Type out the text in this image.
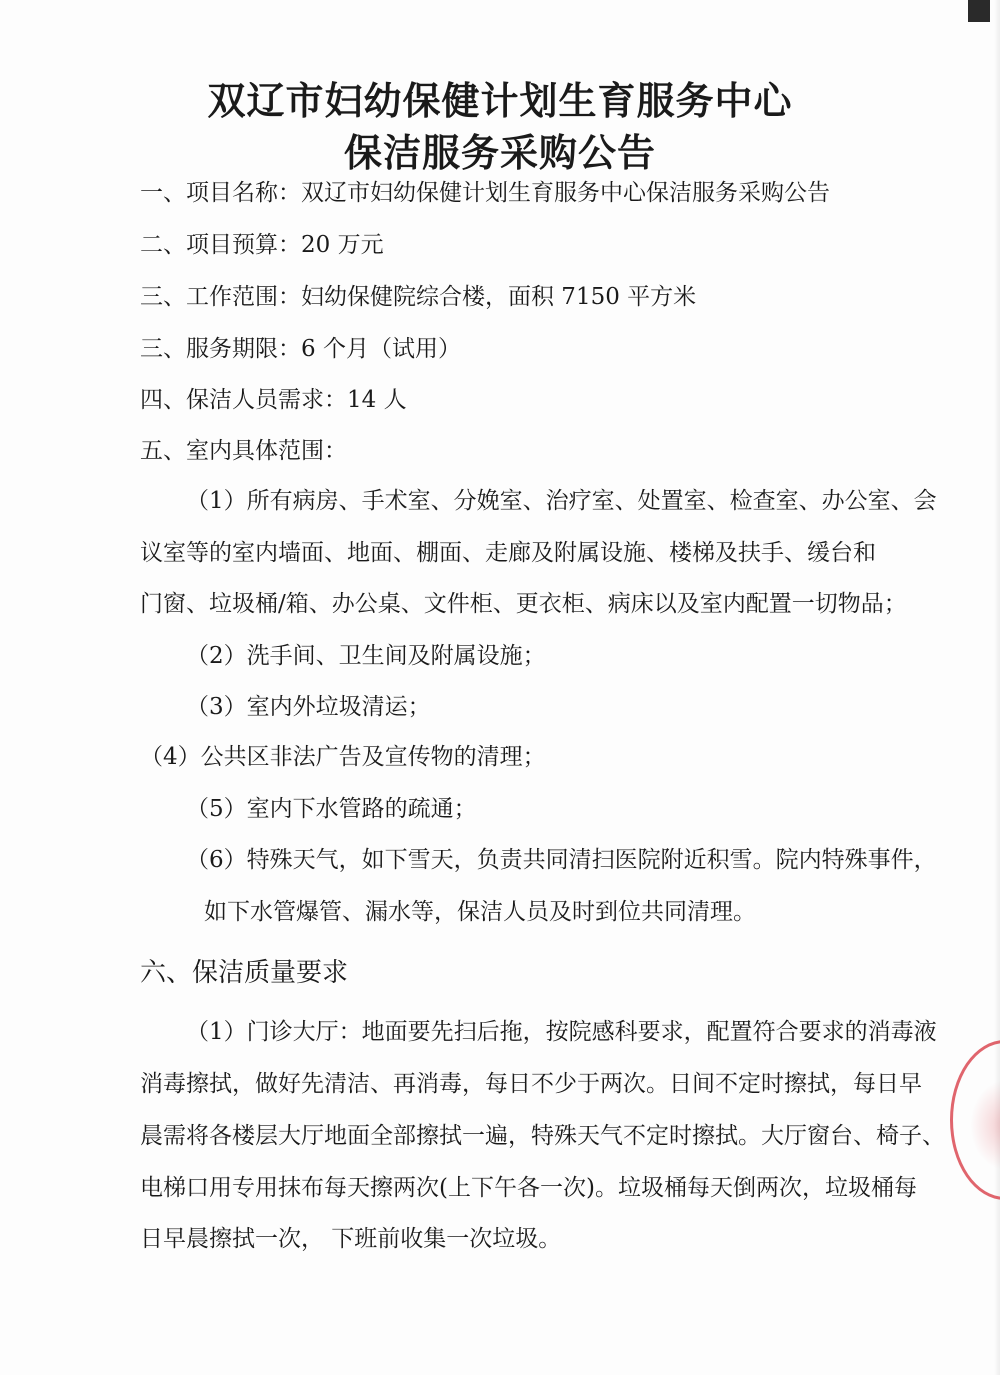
双辽市妇幼保健计划生育服务中心
保洁服务采购公告
一、项目名称：双辽市妇幼保健计划生育服务中心保洁服务采购公告
二、项目预算：20 万元
三、工作范围：妇幼保健院综合楼，面积 7150 平方米
三、服务期限：6 个月（试用）
四、保洁人员需求：14 人
五、室内具体范围：
（1）所有病房、手术室、分娩室、治疗室、处置室、检查室、办公室、会
议室等的室内墙面、地面、棚面、走廊及附属设施、楼梯及扶手、缓台和
门窗、垃圾桶/箱、办公桌、文件柜、更衣柜、病床以及室内配置一切物品；
（2）洗手间、卫生间及附属设施；
（3）室内外垃圾清运；
（4）公共区非法广告及宣传物的清理；
（5）室内下水管路的疏通；
（6）特殊天气，如下雪天，负责共同清扫医院附近积雪。院内特殊事件，
如下水管爆管、漏水等，保洁人员及时到位共同清理。
六、保洁质量要求
（1）门诊大厅：地面要先扫后拖，按院感科要求，配置符合要求的消毒液
消毒擦拭，做好先清洁、再消毒，每日不少于两次。日间不定时擦拭，每日早
晨需将各楼层大厅地面全部擦拭一遍，特殊天气不定时擦拭。大厅窗台、椅子、
电梯口用专用抹布每天擦两次(上下午各一次)。垃圾桶每天倒两次，垃圾桶每
日早晨擦拭一次， 下班前收集一次垃圾。
